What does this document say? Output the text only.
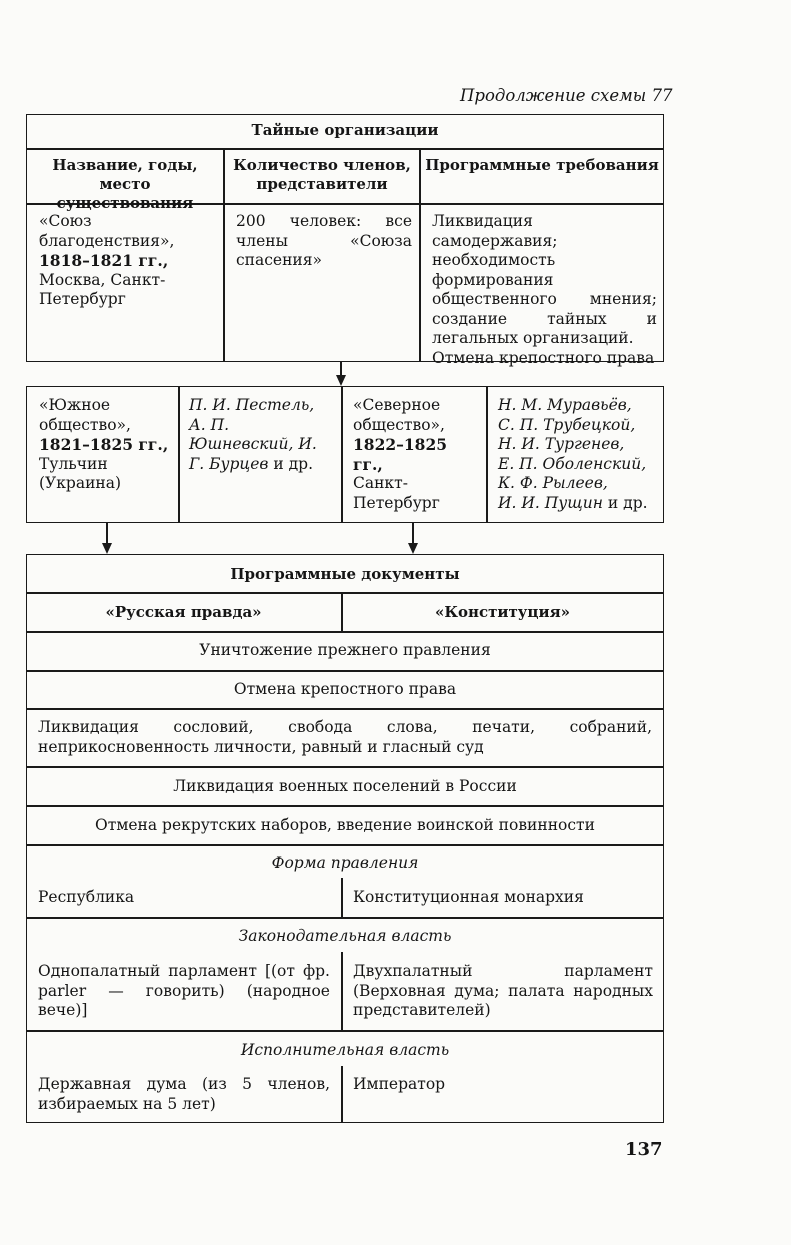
Продолжение схемы 77
Тайные организации
Название, годы, место существования
Количество членов, представители
Программные требования
«Союз благоденствия»,
1818–1821 гг.,
Москва, Санкт-Петербург
200 человек: все члены «Союза спасения»
Ликвидация самодержавия; необходимость формирования общественного мнения; создание тайных и легальных организаций.
Отмена крепостного права
«Южное общество»,
1821–1825 гг.,
Тульчин (Украина)
П. И. Пестель, А. П. Юшневский, И. Г. Бурцев и др.
«Северное общество»,
1822–1825 гг.,
Санкт-Петербург
Н. М. Муравьёв,
С. П. Трубецкой,
Н. И. Тургенев,
Е. П. Оболенский,
К. Ф. Рылеев,
И. И. Пущин и др.
Программные документы
«Русская правда»	«Конституция»
Уничтожение прежнего правления
Отмена крепостного права
Ликвидация сословий, свобода слова, печати, собраний, неприкосновенность личности, равный и гласный суд
Ликвидация военных поселений в России
Отмена рекрутских наборов, введение воинской повинности
Форма правления
Республика	Конституционная монархия
Законодательная власть
Однопалатный парламент [(от фр. parler — говорить) (народное вече)]
Двухпалатный парламент (Верховная дума; палата народных представителей)
Исполнительная власть
Державная дума (из 5 членов, избираемых на 5 лет)
Император
137
